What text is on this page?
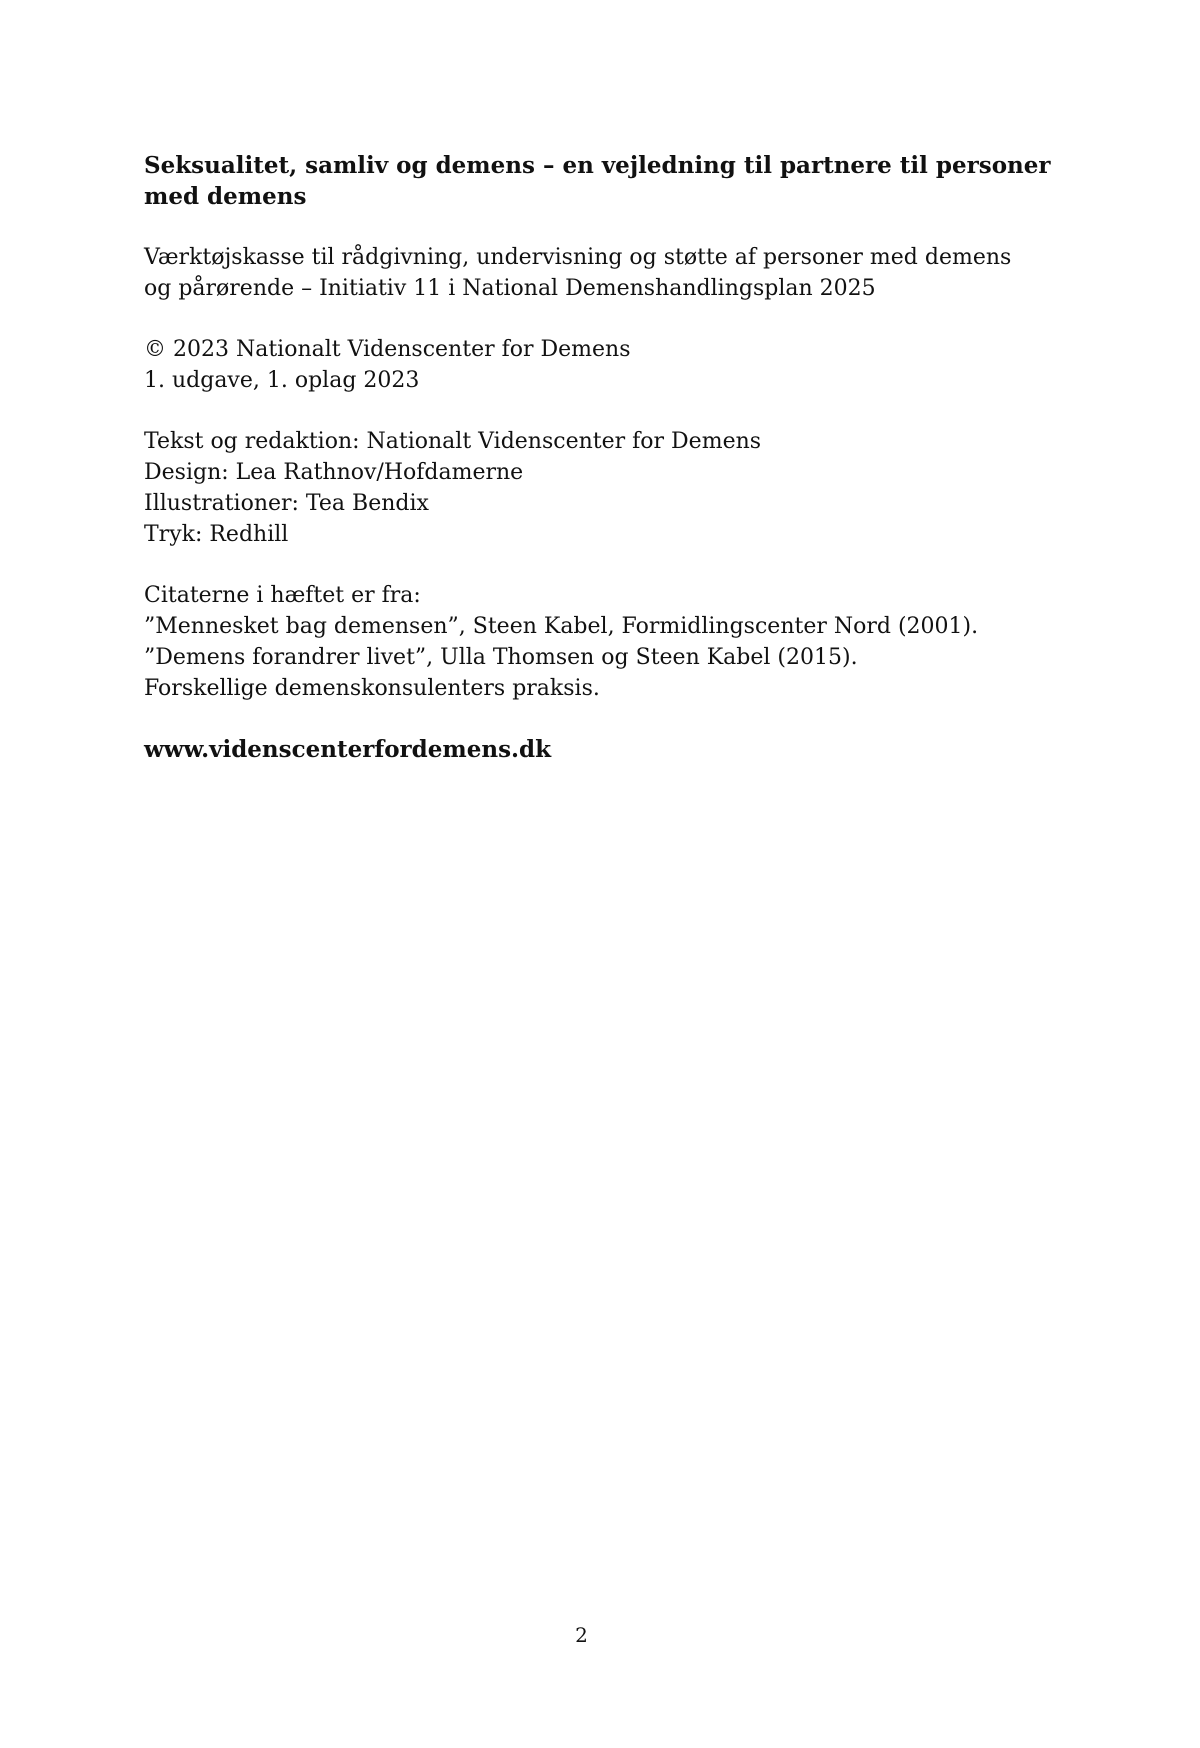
Seksualitet, samliv og demens – en vejledning til partnere til personer
med demens

Værktøjskasse til rådgivning, undervisning og støtte af personer med demens
og pårørende – Initiativ 11 i National Demenshandlingsplan 2025

© 2023 Nationalt Videnscenter for Demens
1. udgave, 1. oplag 2023

Tekst og redaktion: Nationalt Videnscenter for Demens
Design: Lea Rathnov/Hofdamerne
Illustrationer: Tea Bendix
Tryk: Redhill

Citaterne i hæftet er fra:
”Mennesket bag demensen”, Steen Kabel, Formidlingscenter Nord (2001).
”Demens forandrer livet”, Ulla Thomsen og Steen Kabel (2015).
Forskellige demenskonsulenters praksis.

www.videnscenterfordemens.dk

2
